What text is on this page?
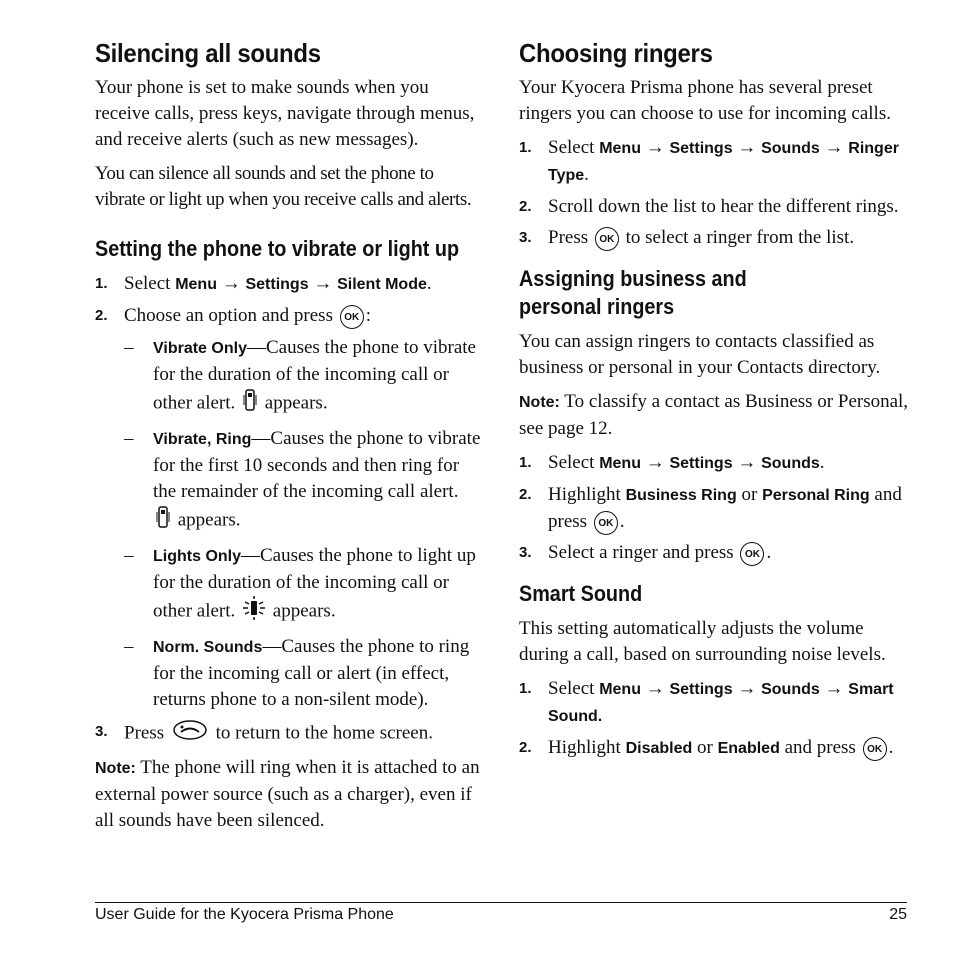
Silencing all sounds

Your phone is set to make sounds when you receive calls, press keys, navigate through menus, and receive alerts (such as new messages).

You can silence all sounds and set the phone to vibrate or light up when you receive calls and alerts.

Setting the phone to vibrate or light up
1. Select Menu → Settings → Silent Mode.
2. Choose an option and press OK :
– Vibrate Only—Causes the phone to vibrate for the duration of the incoming call or other alert.  appears.
– Vibrate, Ring—Causes the phone to vibrate for the first 10 seconds and then ring for the remainder of the incoming call alert.  appears.
– Lights Only—Causes the phone to light up for the duration of the incoming call or other alert.  appears.
– Norm. Sounds—Causes the phone to ring for the incoming call or alert (in effect, returns phone to a non-silent mode).
3. Press  to return to the home screen.

Note: The phone will ring when it is attached to an external power source (such as a charger), even if all sounds have been silenced.

Choosing ringers

Your Kyocera Prisma phone has several preset ringers you can choose to use for incoming calls.

1. Select Menu → Settings → Sounds → Ringer Type.
2. Scroll down the list to hear the different rings.
3. Press OK to select a ringer from the list.
Assigning business and personal ringers

You can assign ringers to contacts classified as business or personal in your Contacts directory.

Note: To classify a contact as Business or Personal, see page 12.

1. Select Menu → Settings → Sounds.
2. Highlight Business Ring or Personal Ring and press OK .
3. Select a ringer and press OK .
Smart Sound

This setting automatically adjusts the volume during a call, based on surrounding noise levels.

1. Select Menu → Settings → Sounds → Smart Sound.
2. Highlight Disabled or Enabled and press OK .
User Guide for the Kyocera Prisma Phone	25
